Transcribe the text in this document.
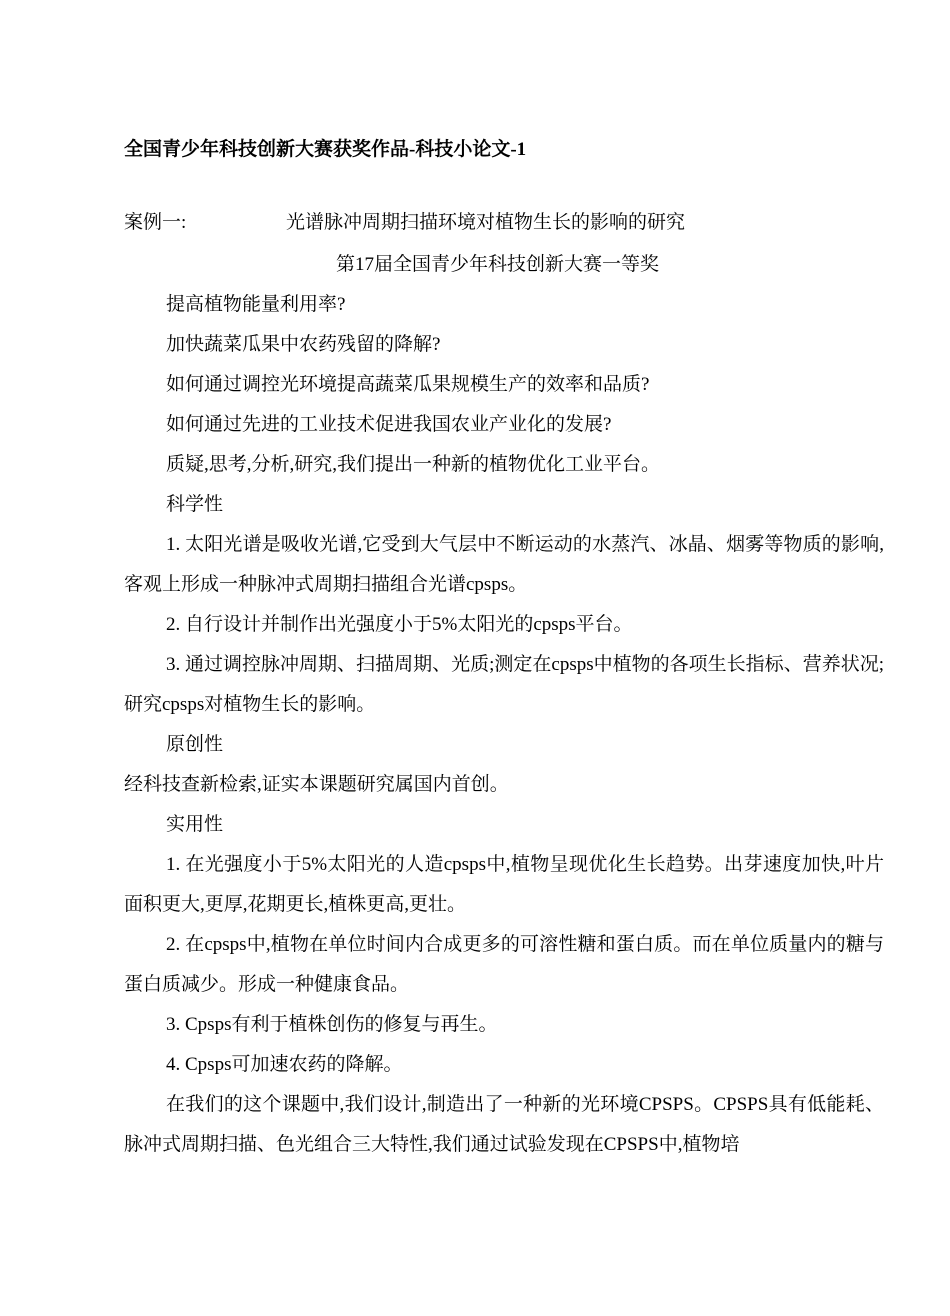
全国青少年科技创新大赛获奖作品-科技小论文-1
案例一:	光谱脉冲周期扫描环境对植物生长的影响的研究
第17届全国青少年科技创新大赛一等奖

提高植物能量利用率?

加快蔬菜瓜果中农药残留的降解?

如何通过调控光环境提高蔬菜瓜果规模生产的效率和品质?

如何通过先进的工业技术促进我国农业产业化的发展?

质疑,思考,分析,研究,我们提出一种新的植物优化工业平台。

科学性

1. 太阳光谱是吸收光谱,它受到大气层中不断运动的水蒸汽、冰晶、烟雾等物质的影响,客观上形成一种脉冲式周期扫描组合光谱cpsps。

2. 自行设计并制作出光强度小于5%太阳光的cpsps平台。

3. 通过调控脉冲周期、扫描周期、光质;测定在cpsps中植物的各项生长指标、营养状况;研究cpsps对植物生长的影响。

原创性

经科技查新检索,证实本课题研究属国内首创。

实用性

1. 在光强度小于5%太阳光的人造cpsps中,植物呈现优化生长趋势。出芽速度加快,叶片面积更大,更厚,花期更长,植株更高,更壮。

2. 在cpsps中,植物在单位时间内合成更多的可溶性糖和蛋白质。而在单位质量内的糖与蛋白质减少。形成一种健康食品。

3. Cpsps有利于植株创伤的修复与再生。

4. Cpsps可加速农药的降解。

在我们的这个课题中,我们设计,制造出了一种新的光环境CPSPS。CPSPS具有低能耗、脉冲式周期扫描、色光组合三大特性,我们通过试验发现在CPSPS中,植物培
